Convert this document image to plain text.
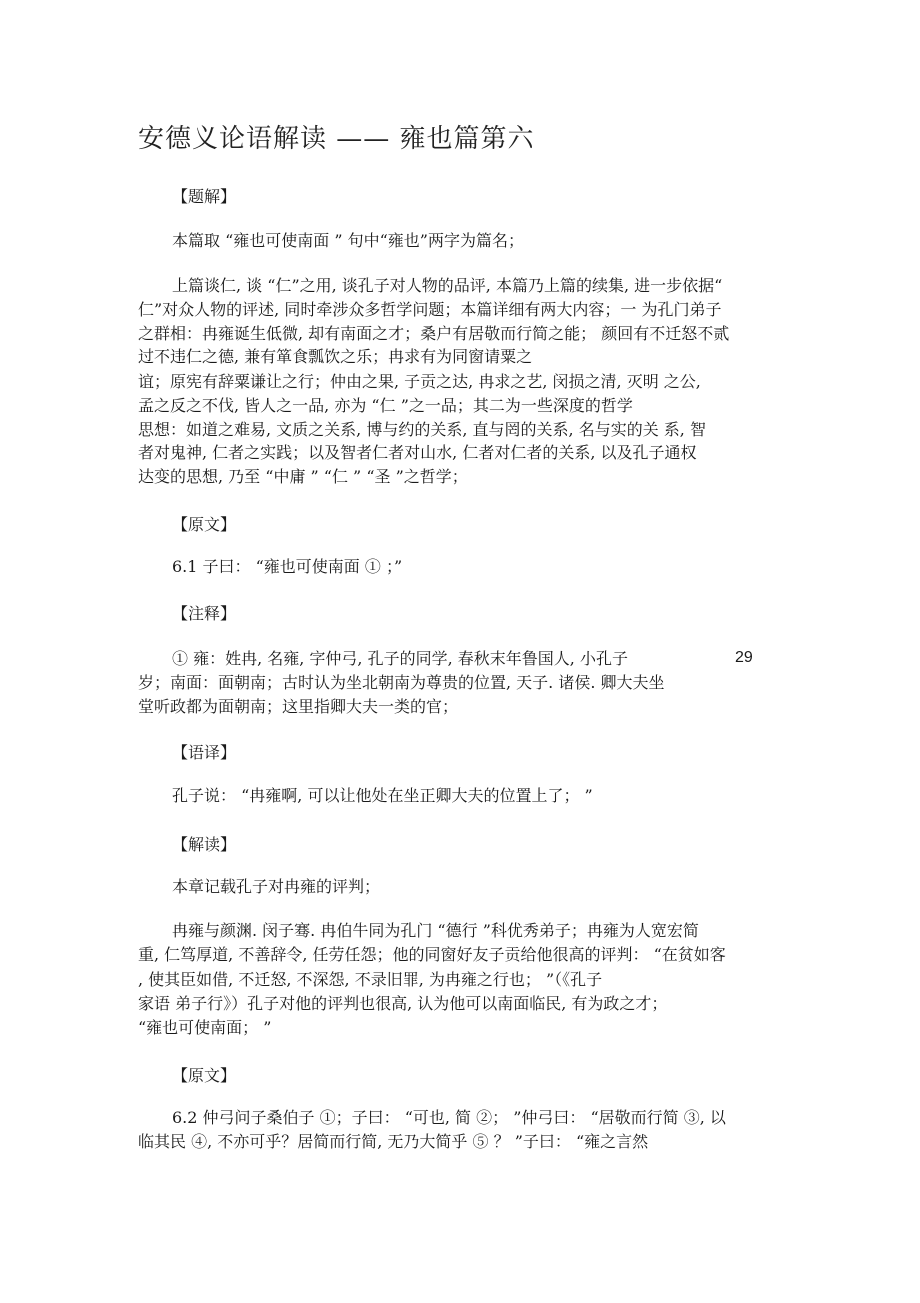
安德义论语解读 —— 雍也篇第六
【题解】
本篇取 “雍也可使南面 ” 句中“雍也”两字为篇名；
上篇谈仁, 谈 “仁”之用, 谈孔子对人物的品评, 本篇乃上篇的续集, 进一步依据“
仁”对众人物的评述, 同时牵涉众多哲学问题；本篇详细有两大内容；一 为孔门弟子
之群相：冉雍诞生低微, 却有南面之才；桑户有居敬而行简之能； 颜回有不迁怒不贰
过不违仁之德, 兼有箪食瓢饮之乐；冉求有为同窗请粟之
谊；原宪有辞粟谦让之行；仲由之果, 子贡之达, 冉求之艺, 闵损之清, 灭明 之公,
孟之反之不伐, 皆人之一品, 亦为 “仁 ”之一品；其二为一些深度的哲学
思想：如道之难易, 文质之关系, 博与约的关系, 直与罔的关系, 名与实的关 系, 智
者对鬼神, 仁者之实践；以及智者仁者对山水, 仁者对仁者的关系, 以及孔子通权
达变的思想, 乃至 “中庸 ” “仁 ” “圣 ”之哲学；
【原文】
6.1 子曰： “雍也可使南面 ① ；”
【注释】
① 雍：姓冉, 名雍, 字仲弓, 孔子的同学, 春秋末年鲁国人, 小孔子	29
岁；南面：面朝南；古时认为坐北朝南为尊贵的位置, 天子. 诸侯. 卿大夫坐
堂听政都为面朝南；这里指卿大夫一类的官；
【语译】
孔子说： “冉雍啊, 可以让他处在坐正卿大夫的位置上了； ”
【解读】
本章记载孔子对冉雍的评判；
冉雍与颜渊. 闵子骞. 冉伯牛同为孔门 “德行 ”科优秀弟子；冉雍为人宽宏简
重, 仁笃厚道, 不善辞令, 任劳任怨；他的同窗好友子贡给他很高的评判： “在贫如客
, 使其臣如借, 不迁怒, 不深怨, 不录旧罪, 为冉雍之行也； ”（《孔子
家语 弟子行》）孔子对他的评判也很高, 认为他可以南面临民, 有为政之才；
“雍也可使南面； ”
【原文】
6.2 仲弓问子桑伯子 ①；子曰： “可也, 简 ②； ”仲弓曰： “居敬而行简 ③, 以
临其民 ④, 不亦可乎？居简而行简, 无乃大简乎 ⑤ ？ ”子曰： “雍之言然
